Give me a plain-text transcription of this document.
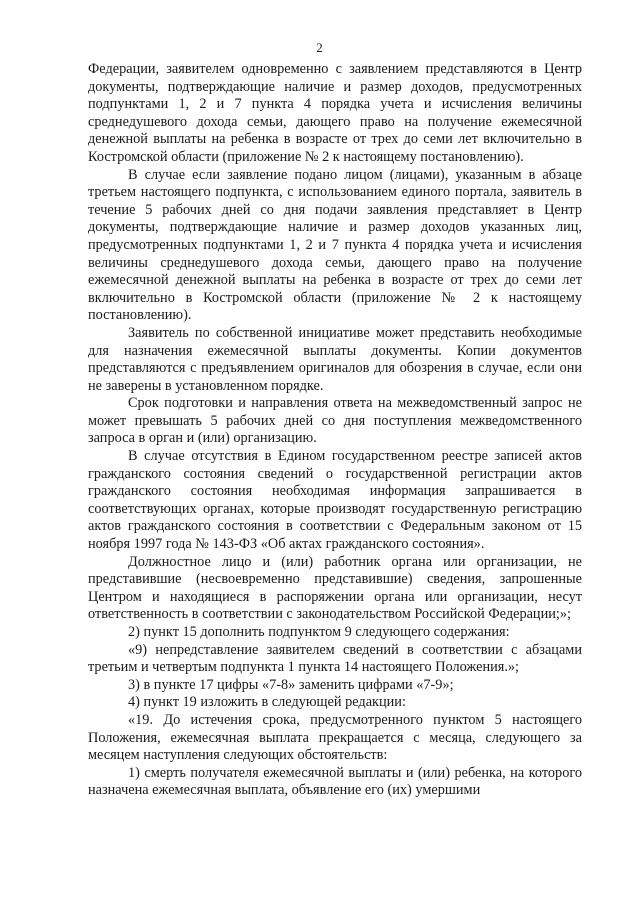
2

Федерации, заявителем одновременно с заявлением представляются в Центр документы, подтверждающие наличие и размер доходов, предусмотренных подпунктами 1, 2 и 7 пункта 4 порядка учета и исчисления величины среднедушевого дохода семьи, дающего право на получение ежемесячной денежной выплаты на ребенка в возрасте от трех до семи лет включительно в Костромской области (приложение № 2 к настоящему постановлению).

В случае если заявление подано лицом (лицами), указанным в абзаце третьем настоящего подпункта, с использованием единого портала, заявитель в течение 5 рабочих дней со дня подачи заявления представляет в Центр документы, подтверждающие наличие и размер доходов указанных лиц, предусмотренных подпунктами 1, 2 и 7 пункта 4 порядка учета и исчисления величины среднедушевого дохода семьи, дающего право на получение ежемесячной денежной выплаты на ребенка в возрасте от трех до семи лет включительно в Костромской области (приложение № 2 к настоящему постановлению).

Заявитель по собственной инициативе может представить необходимые для назначения ежемесячной выплаты документы. Копии документов представляются с предъявлением оригиналов для обозрения в случае, если они не заверены в установленном порядке.

Срок подготовки и направления ответа на межведомственный запрос не может превышать 5 рабочих дней со дня поступления межведомственного запроса в орган и (или) организацию.

В случае отсутствия в Едином государственном реестре записей актов гражданского состояния сведений о государственной регистрации актов гражданского состояния необходимая информация запрашивается в соответствующих органах, которые производят государственную регистрацию актов гражданского состояния в соответствии с Федеральным законом от 15 ноября 1997 года № 143-ФЗ «Об актах гражданского состояния».

Должностное лицо и (или) работник органа или организации, не представившие (несвоевременно представившие) сведения, запрошенные Центром и находящиеся в распоряжении органа или организации, несут ответственность в соответствии с законодательством Российской Федерации;»;

2) пункт 15 дополнить подпунктом 9 следующего содержания:

«9) непредставление заявителем сведений в соответствии с абзацами третьим и четвертым подпункта 1 пункта 14 настоящего Положения.»;

3) в пункте 17 цифры «7-8» заменить цифрами «7-9»;

4) пункт 19 изложить в следующей редакции:

«19. До истечения срока, предусмотренного пунктом 5 настоящего Положения, ежемесячная выплата прекращается с месяца, следующего за месяцем наступления следующих обстоятельств:

1) смерть получателя ежемесячной выплаты и (или) ребенка, на которого назначена ежемесячная выплата, объявление его (их) умершими
